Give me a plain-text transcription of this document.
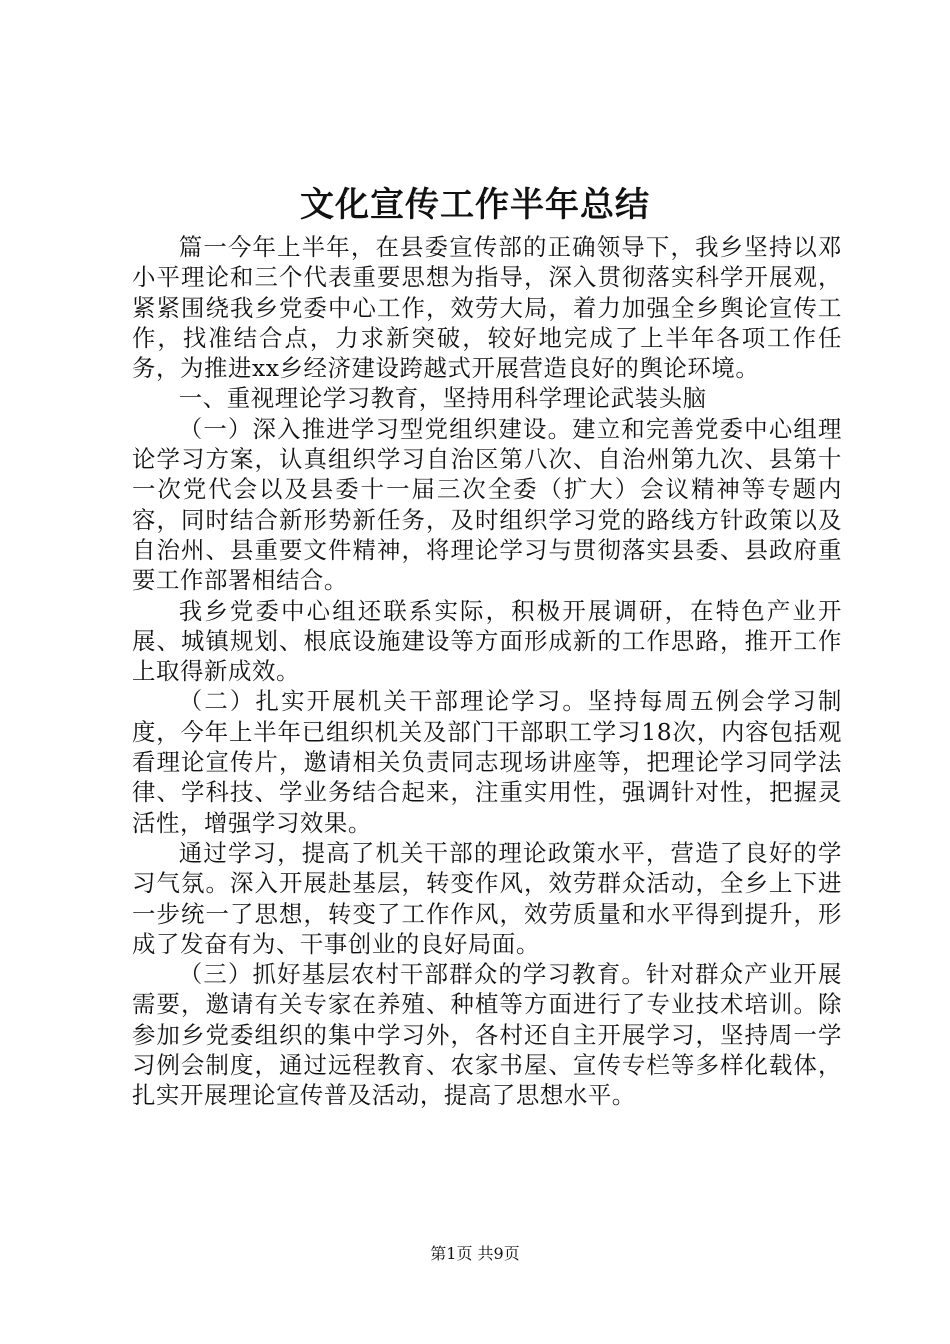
文化宣传工作半年总结

篇一今年上半年，在县委宣传部的正确领导下，我乡坚持以邓小平理论和三个代表重要思想为指导，深入贯彻落实科学开展观，紧紧围绕我乡党委中心工作，效劳大局，着力加强全乡舆论宣传工作，找准结合点，力求新突破，较好地完成了上半年各项工作任务，为推进xx乡经济建设跨越式开展营造良好的舆论环境。

一、重视理论学习教育，坚持用科学理论武装头脑

（一）深入推进学习型党组织建设。建立和完善党委中心组理论学习方案，认真组织学习自治区第八次、自治州第九次、县第十一次党代会以及县委十一届三次全委（扩大）会议精神等专题内容，同时结合新形势新任务，及时组织学习党的路线方针政策以及自治州、县重要文件精神，将理论学习与贯彻落实县委、县政府重要工作部署相结合。

我乡党委中心组还联系实际，积极开展调研，在特色产业开展、城镇规划、根底设施建设等方面形成新的工作思路，推开工作上取得新成效。

（二）扎实开展机关干部理论学习。坚持每周五例会学习制度，今年上半年已组织机关及部门干部职工学习18次，内容包括观看理论宣传片，邀请相关负责同志现场讲座等，把理论学习同学法律、学科技、学业务结合起来，注重实用性，强调针对性，把握灵活性，增强学习效果。

通过学习，提高了机关干部的理论政策水平，营造了良好的学习气氛。深入开展赴基层，转变作风，效劳群众活动，全乡上下进一步统一了思想，转变了工作作风，效劳质量和水平得到提升，形成了发奋有为、干事创业的良好局面。

（三）抓好基层农村干部群众的学习教育。针对群众产业开展需要，邀请有关专家在养殖、种植等方面进行了专业技术培训。除参加乡党委组织的集中学习外，各村还自主开展学习，坚持周一学习例会制度，通过远程教育、农家书屋、宣传专栏等多样化载体，扎实开展理论宣传普及活动，提高了思想水平。

第1页 共9页
